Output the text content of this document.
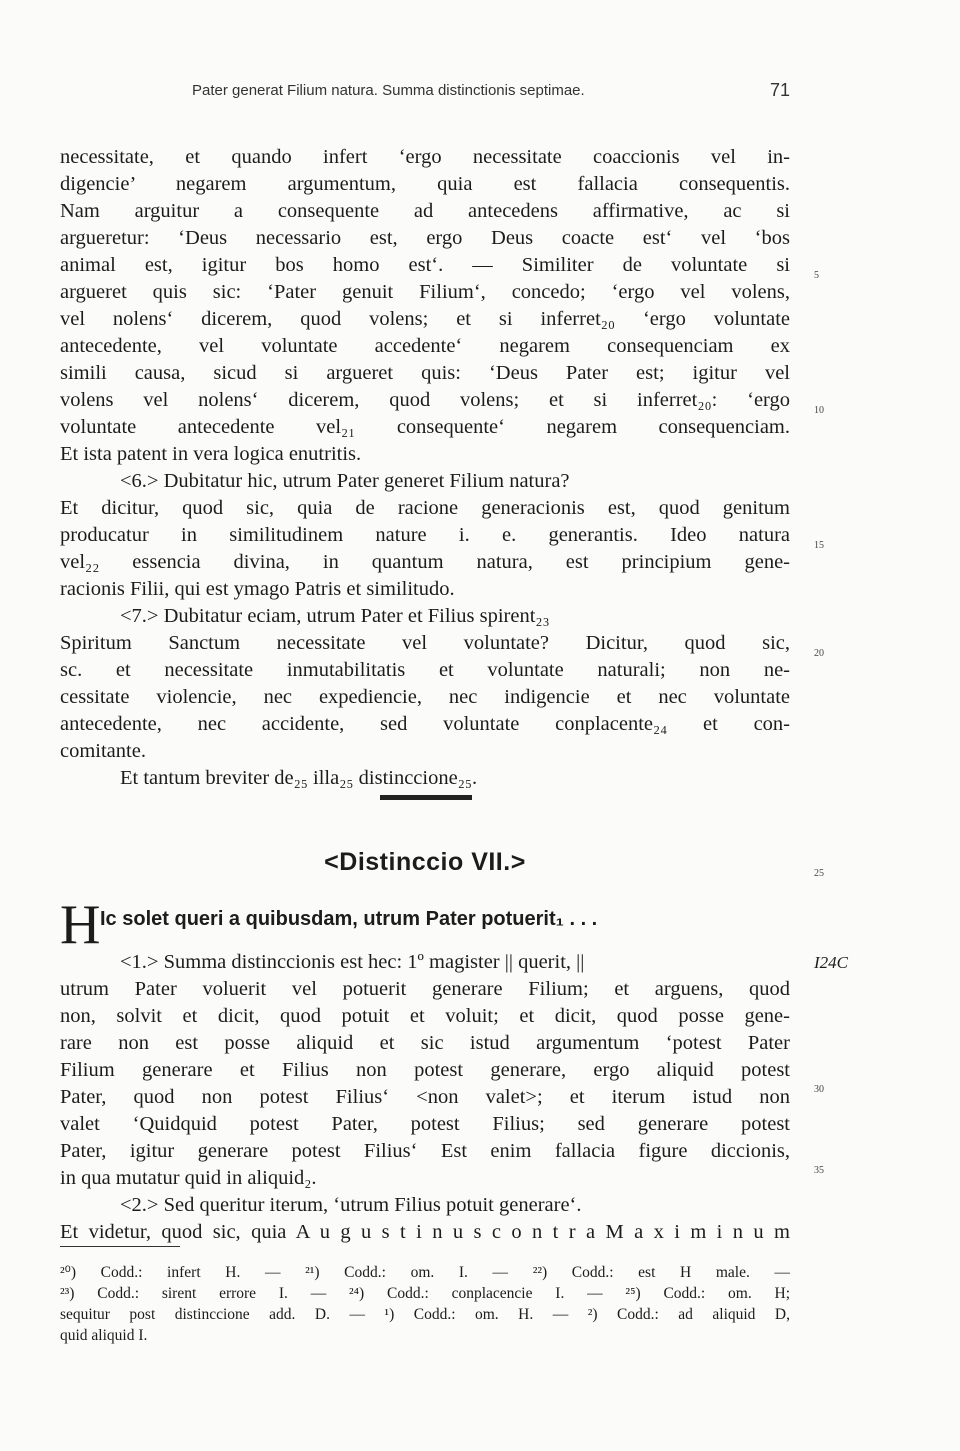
Pater generat Filium natura. Summa distinctionis septimae.	71
necessitate, et quando infert ‘ergo necessitate coaccionis vel in-
digencie’ negarem argumentum, quia est fallacia consequentis.
Nam arguitur a consequente ad antecedens affirmative, ac si
argueretur: ‘Deus necessario est, ergo Deus coacte est‘ vel ‘bos
animal est, igitur bos homo est‘. — Similiter de voluntate si
argueret quis sic: ‘Pater genuit Filium‘, concedo; ‘ergo vel volens,
vel nolens‘ dicerem, quod volens; et si inferret₂₀ ‘ergo voluntate
antecedente, vel voluntate accedente‘ negarem consequenciam ex
simili causa, sicud si argueret quis: ‘Deus Pater est; igitur vel
volens vel nolens‘ dicerem, quod volens; et si inferret₂₀: ‘ergo
voluntate antecedente vel₂₁ consequente‘ negarem consequenciam.
Et ista patent in vera logica enutritis.
<6.> Dubitatur hic, utrum Pater generet Filium natura?
Et dicitur, quod sic, quia de racione generacionis est, quod genitum
producatur in similitudinem nature i. e. generantis. Ideo natura
vel₂₂ essencia divina, in quantum natura, est principium gene-
racionis Filii, qui est ymago Patris et similitudo.
<7.> Dubitatur eciam, utrum Pater et Filius spirent₂₃
Spiritum Sanctum necessitate vel voluntate? Dicitur, quod sic,
sc. et necessitate inmutabilitatis et voluntate naturali; non ne-
cessitate violencie, nec expediencie, nec indigencie et nec voluntate
antecedente, nec accidente, sed voluntate conplacente₂₄ et con-
comitante.
Et tantum breviter de₂₅ illa₂₅ distinccione₂₅.
5
10
15
20
<Distinccio VII.>	25
H Ic solet queri a quibusdam, utrum Pater potuerit₁ . . .
<1.> Summa distinccionis est hec: 1º magister || querit, ||
utrum Pater voluerit vel potuerit generare Filium; et arguens, quod
non, solvit et dicit, quod potuit et voluit; et dicit, quod posse gene-
rare non est posse aliquid et sic istud argumentum ‘potest Pater
Filium generare et Filius non potest generare, ergo aliquid potest
Pater, quod non potest Filius‘ <non valet>; et iterum istud non
valet ‘Quidquid potest Pater, potest Filius; sed generare potest
Pater, igitur generare potest Filius‘ Est enim fallacia figure diccionis,
in qua mutatur quid in aliquid₂.
<2.> Sed queritur iterum, ‘utrum Filius potuit generare‘.
Et videtur, quod sic, quia A u g u s t i n u s c o n t r a M a x i m i n u m
I24C
30
35
²⁰) Codd.: infert H. — ²¹) Codd.: om. I. — ²²) Codd.: est H male. —
²³) Codd.: sirent errore I. — ²⁴) Codd.: conplacencie I. — ²⁵) Codd.: om. H;
sequitur post distinccione add. D. — ¹) Codd.: om. H. — ²) Codd.: ad aliquid D,
quid aliquid I.
